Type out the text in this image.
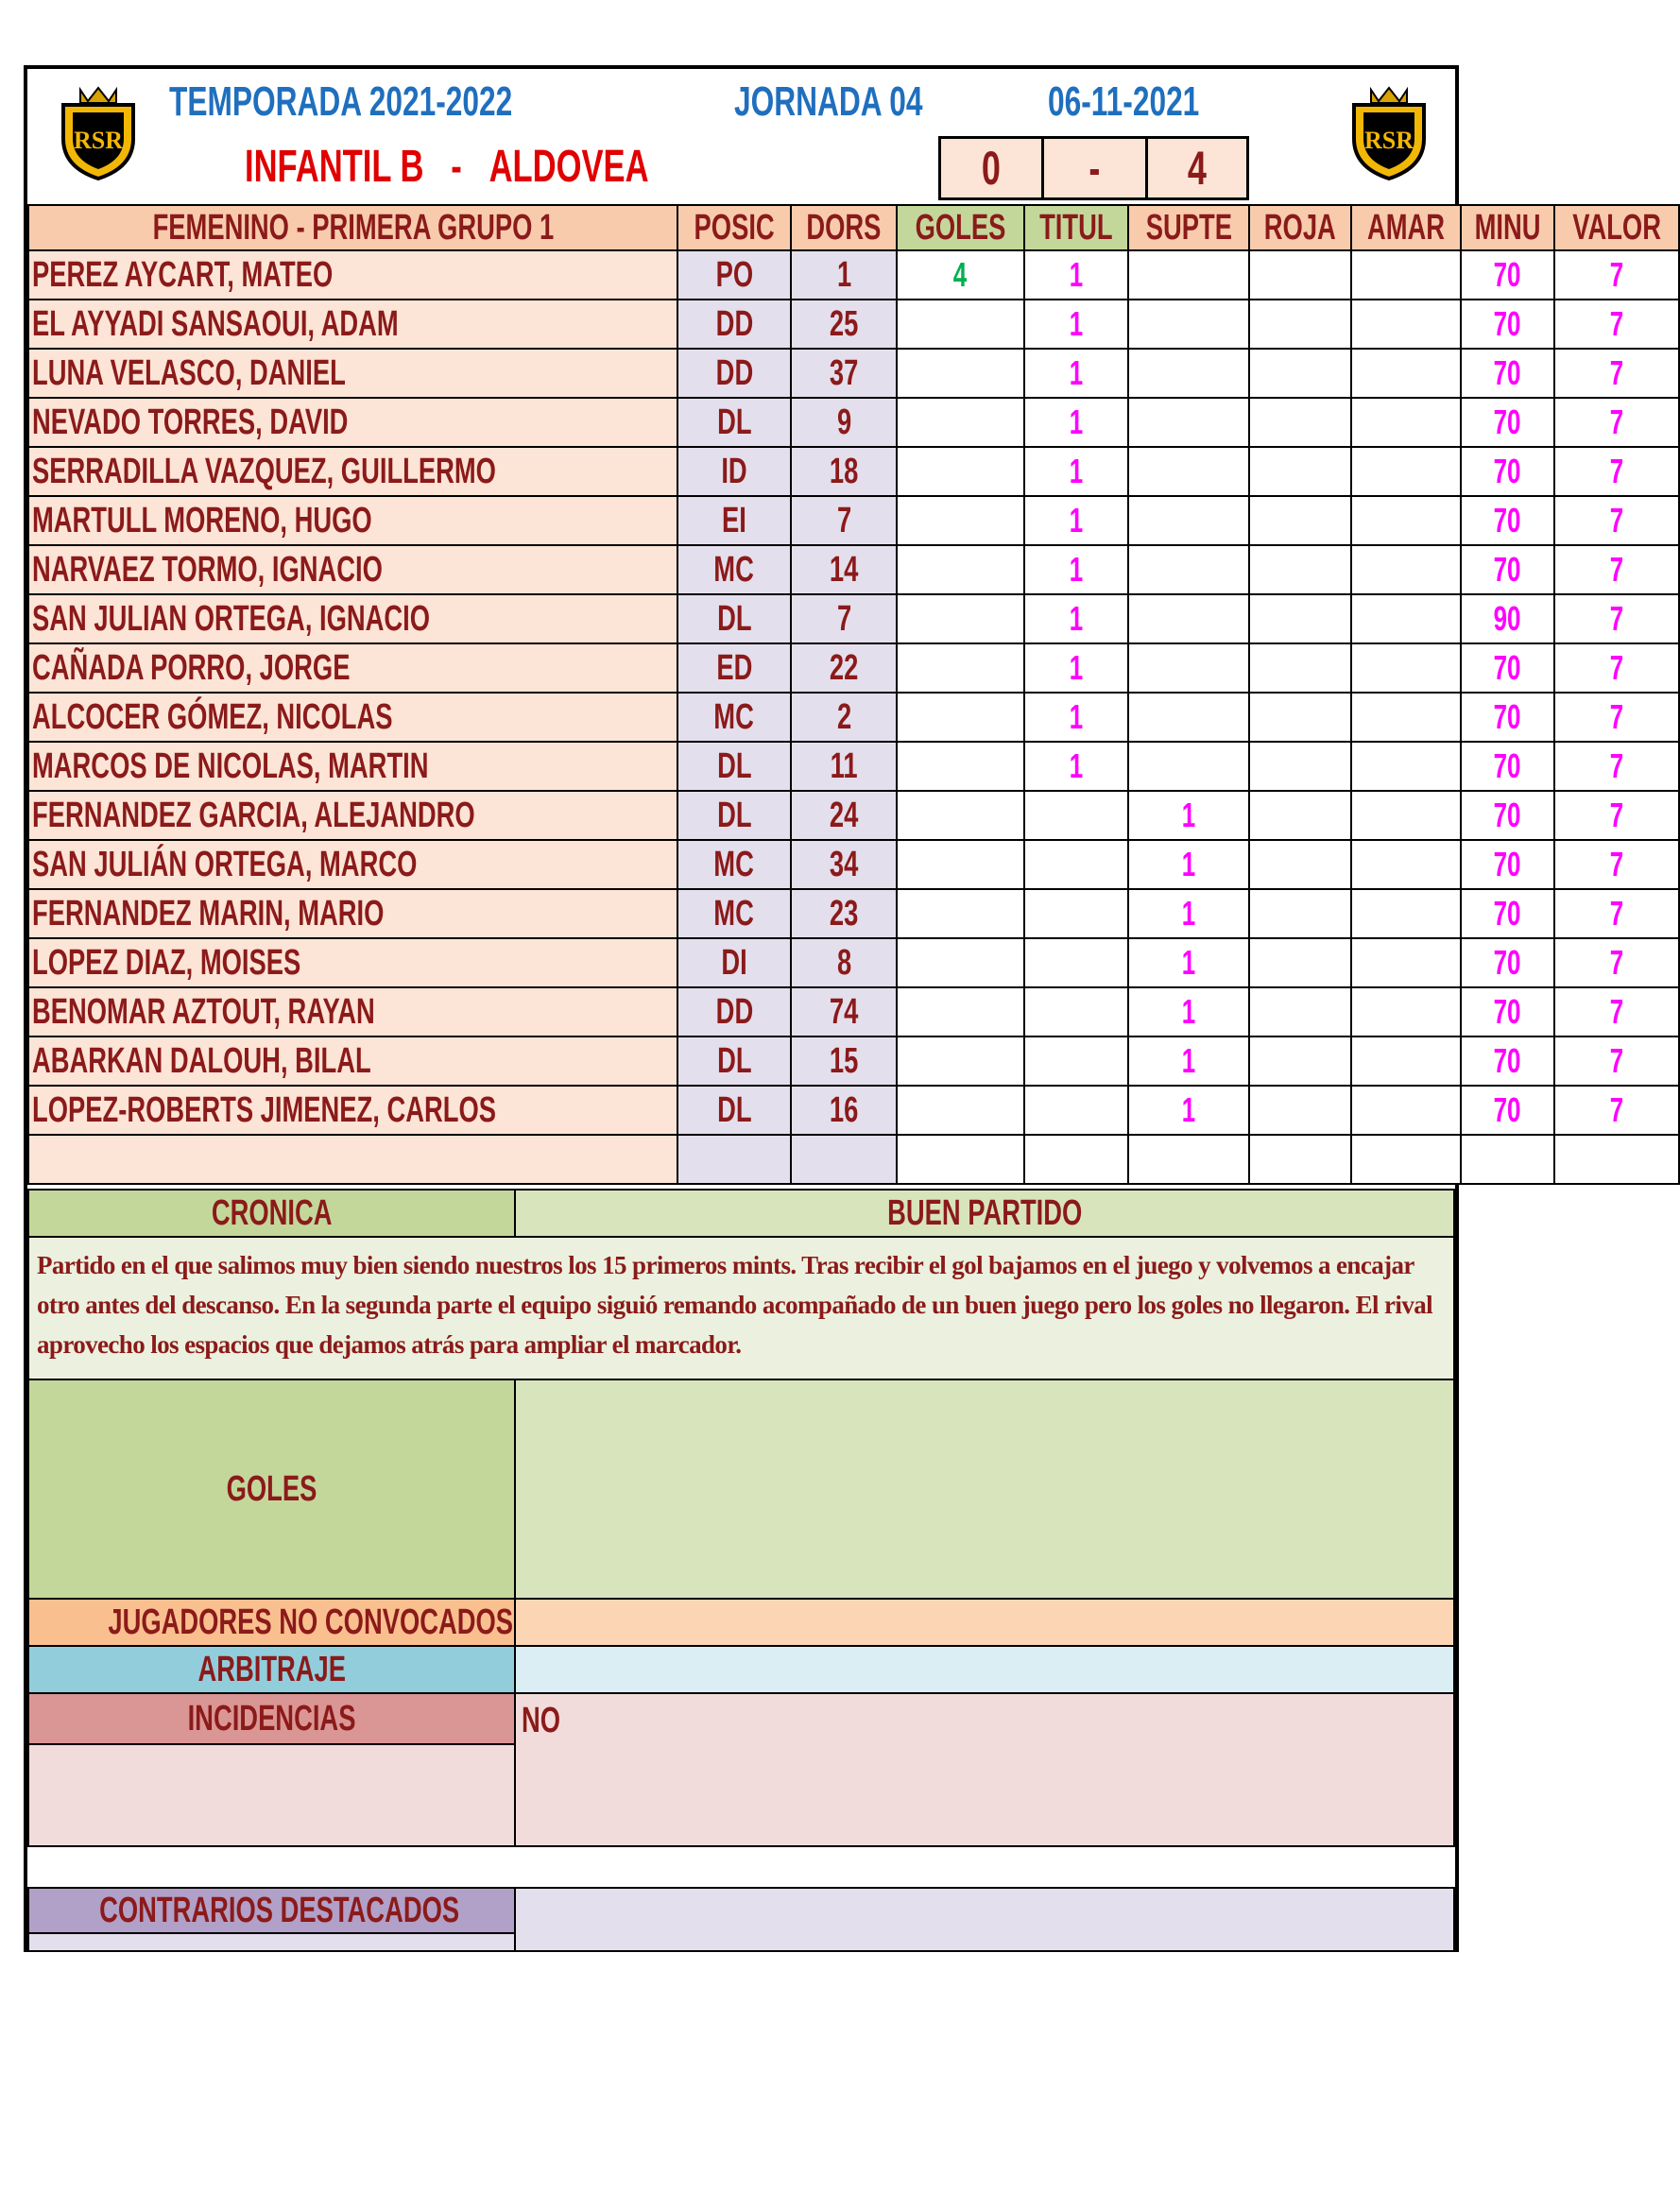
RSR	RSR
TEMPORADA 2021-2022	JORNADA 04	06-11-2021
INFANTIL B - ALDOVEA	0	-	4
FEMENINO - PRIMERA GRUPO 1	POSIC	DORS	GOLES	TITUL	SUPTE	ROJA	AMAR	MINU	VALOR
PEREZ AYCART, MATEO	PO	1	4	1				70	7
EL AYYADI SANSAOUI, ADAM	DD	25		1				70	7
LUNA VELASCO, DANIEL	DD	37		1				70	7
NEVADO TORRES, DAVID	DL	9		1				70	7
SERRADILLA VAZQUEZ, GUILLERMO	ID	18		1				70	7
MARTULL MORENO, HUGO	EI	7		1				70	7
NARVAEZ TORMO, IGNACIO	MC	14		1				70	7
SAN JULIAN ORTEGA, IGNACIO	DL	7		1				90	7
CAÑADA PORRO, JORGE	ED	22		1				70	7
ALCOCER GÓMEZ, NICOLAS	MC	2		1				70	7
MARCOS DE NICOLAS, MARTIN	DL	11		1				70	7
FERNANDEZ GARCIA, ALEJANDRO	DL	24			1			70	7
SAN JULIÁN ORTEGA, MARCO	MC	34			1			70	7
FERNANDEZ MARIN, MARIO	MC	23			1			70	7
LOPEZ DIAZ, MOISES	DI	8			1			70	7
BENOMAR AZTOUT, RAYAN	DD	74			1			70	7
ABARKAN DALOUH, BILAL	DL	15			1			70	7
LOPEZ-ROBERTS JIMENEZ, CARLOS	DL	16			1			70	7

CRONICA	BUEN PARTIDO
Partido en el que salimos muy bien siendo nuestros los 15 primeros mints. Tras recibir el gol bajamos en el juego y volvemos a encajar otro antes del descanso. En la segunda parte el equipo siguió remando acompañado de un buen juego pero los goles no llegaron. El rival aprovecho los espacios que dejamos atrás para ampliar el marcador.
GOLES
JUGADORES NO CONVOCADOS
ARBITRAJE
INCIDENCIAS	NO
CONTRARIOS DESTACADOS
